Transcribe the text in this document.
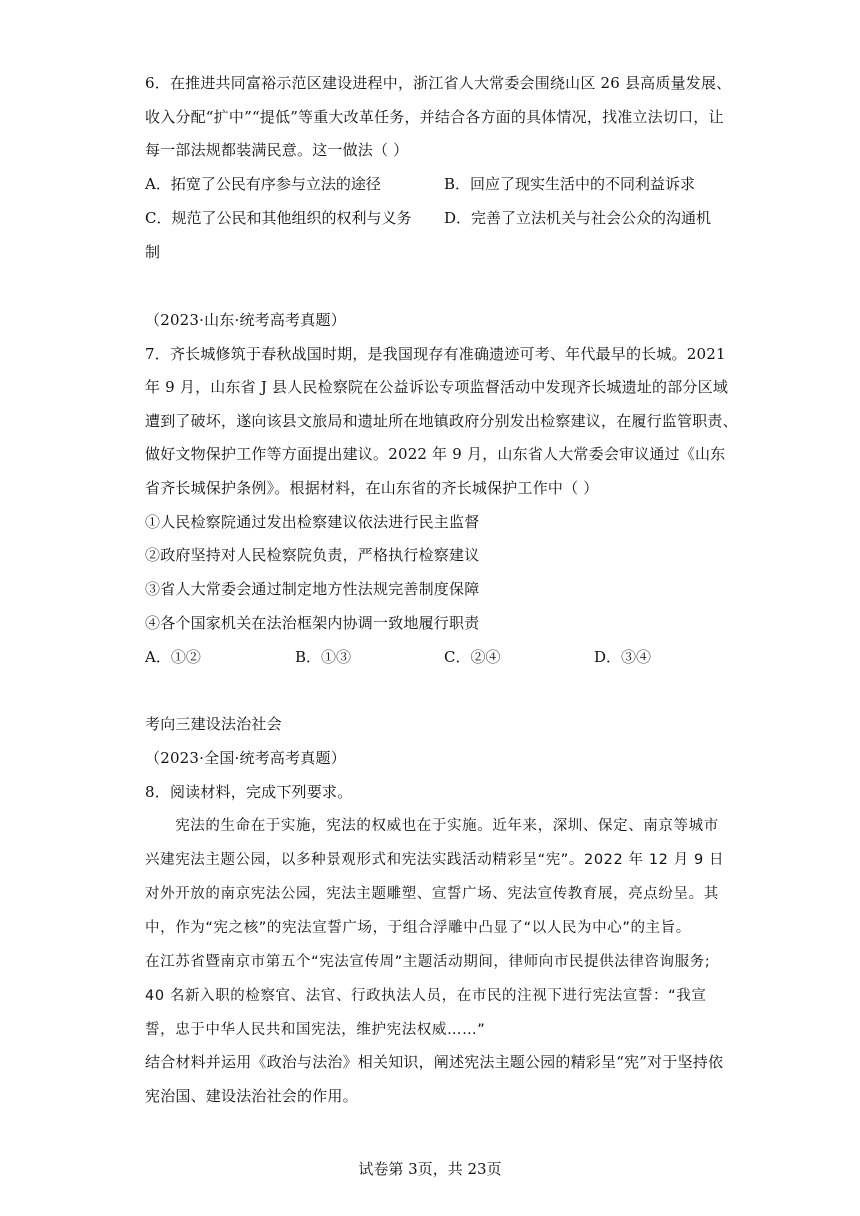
6．在推进共同富裕示范区建设进程中，浙江省人大常委会围绕山区 26 县高质量发展、
收入分配“扩中”“提低”等重大改革任务，并结合各方面的具体情况，找准立法切口，让
每一部法规都装满民意。这一做法（ ）
A．拓宽了公民有序参与立法的途径	B．回应了现实生活中的不同利益诉求
C．规范了公民和其他组织的权利与义务 D．完善了立法机关与社会公众的沟通机
制
（2023·山东·统考高考真题）
7．齐长城修筑于春秋战国时期，是我国现存有准确遗迹可考、年代最早的长城。2021
年 9 月，山东省 J 县人民检察院在公益诉讼专项监督活动中发现齐长城遗址的部分区域
遭到了破坏，遂向该县文旅局和遗址所在地镇政府分别发出检察建议，在履行监管职责、
做好文物保护工作等方面提出建议。2022 年 9 月，山东省人大常委会审议通过《山东
省齐长城保护条例》。根据材料，在山东省的齐长城保护工作中（ ）
①人民检察院通过发出检察建议依法进行民主监督
②政府坚持对人民检察院负责，严格执行检察建议
③省人大常委会通过制定地方性法规完善制度保障
④各个国家机关在法治框架内协调一致地履行职责
A．①②	B．①③	C．②④	D．③④
考向三建设法治社会
（2023·全国·统考高考真题）
8．阅读材料，完成下列要求。
　　宪法的生命在于实施，宪法的权威也在于实施。近年来，深圳、保定、南京等城市
兴建宪法主题公园，以多种景观形式和宪法实践活动精彩呈“宪”。2022 年 12 月 9 日
对外开放的南京宪法公园，宪法主题雕塑、宣誓广场、宪法宣传教育展，亮点纷呈。其
中，作为“宪之核”的宪法宣誓广场，于组合浮雕中凸显了“以人民为中心”的主旨。
在江苏省暨南京市第五个“宪法宣传周”主题活动期间，律师向市民提供法律咨询服务;
40 名新入职的检察官、法官、行政执法人员，在市民的注视下进行宪法宣誓：“我宣
誓，忠于中华人民共和国宪法，维护宪法权威……”
结合材料并运用《政治与法治》相关知识，阐述宪法主题公园的精彩呈“宪”对于坚持依
宪治国、建设法治社会的作用。
试卷第 3页，共 23页
